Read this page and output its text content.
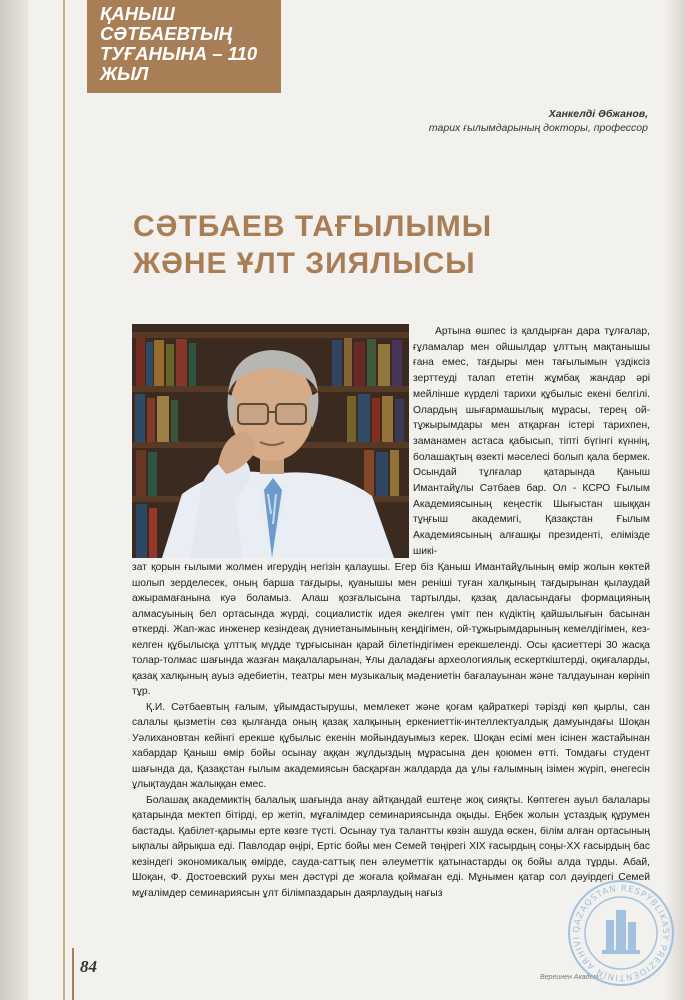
ҚАНЫШ
СӘТБАЕВТЫҢ
ТУҒАНЫНА – 110
ЖЫЛ
Ханкелді Әбжанов,
тарих ғылымдарының докторы, профессор
СӘТБАЕВ ТАҒЫЛЫМЫ
ЖӘНЕ ҰЛТ ЗИЯЛЫСЫ

Артына өшпес із қалдырған дара тұлғалар, ғұламалар мен ойшылдар ұлттың мақтанышы ғана емес, тағдыры мен тағылымын үздіксіз зерттеуді талап ететін жұмбақ жандар әрі мейлінше күрделі тарихи құбылыс екені белгілі. Олардың шығармашылық мұрасы, терең ой-тұжырымдары мен атқарған істері тарихпен, заманамен астаса қабысып, тіпті бүгінгі күннің, болашақтың өзекті мәселесі болып қала бермек. Осындай тұлғалар қатарында Қаныш Имантайұлы Сәтбаев бар. Ол - КСРО Ғылым Академиясының кеңестік Шығыстан шыққан тұңғыш академигі, Қазақстан Ғылым Академиясының алғашқы президенті, елімізде шикі-

зат қорын ғылыми жолмен игерудің негізін қалаушы. Егер біз Қаныш Имантайұлының өмір жолын көктей шолып зерделесек, оның барша тағдыры, қуанышы мен реніші туған халқының тағдырынан қылаудай ажырамағанына куә боламыз. Алаш қозғалысына тартылды, қазақ даласындағы формацияның алмасуының бел ортасында жүрді, социалистік идея әкелген үміт пен күдіктің қайшылығын басынан өткерді. Жап-жас инженер кезіндеақ дүниетанымының кеңдігімен, ой-тұжырымдарының кемелдігімен, кез-келген құбылысқа ұлттық мүдде тұрғысынан қарай білетіндігімен ерекшеленді. Осы қасиеттері 30 жасқа толар-толмас шағында жазған мақалаларынан, Ұлы даладағы археологиялық ескерткіштерді, оқиғаларды, қазақ халқының ауыз әдебиетін, театры мен музыкалық мәдениетін бағалауынан және талдауынан көрініп тұр.

Қ.И. Сәтбаевтың ғалым, ұйымдастырушы, мемлекет және қоғам қайраткері тәрізді көп қырлы, сан салалы қызметін сөз қылғанда оның қазақ халқының еркениеттік-интеллектуалдық дамуындағы Шоқан Уәлихановтан кейінгі ерекше құбылыс екенін мойындауымыз керек. Шоқан есімі мен ісінен жастайынан хабардар Қаныш өмір бойы осынау аққан жұлдыздың мұрасына ден қоюмен өтті. Томдағы студент шағында да, Қазақстан ғылым академиясын басқарған жалдарда да ұлы ғалымның ізімен жүріп, өнегесін ұлықтаудан жалыққан емес.

Болашақ академиктің балалық шағында анау айтқандай ештеңе жоқ сияқты. Көптеген ауыл балалары қатарында мектеп бітірді, ер жетіп, мұғалімдер семинариясында оқыды. Еңбек жолын ұстаздық құрумен бастады. Қабілет-қарымы ерте көзге түсті. Осынау туа талантты көзін ашуда өскен, білім алған ортасының ықпалы айрықша еді. Павлодар өңірі, Ертіс бойы мен Семей төңірегі XIX ғасырдың соңы-XX ғасырдың бас кезіндегі экономикалық өмірде, сауда-саттық пен әлеуметтік қатынастарды оқ бойы алда тұрды. Абай, Шоқан, Ф. Достоевский рухы мен дәстүрі де жоғала қоймаған еді. Мұнымен қатар сол дәуірдегі Семей мұғалімдер семинариясын ұлт білімпаздарын даярлаудың нағыз

84
Вереинен Академ...
QAZAQSTAN RESPÝBLIKASY PREZIDENTINIŃ ARHIVI
